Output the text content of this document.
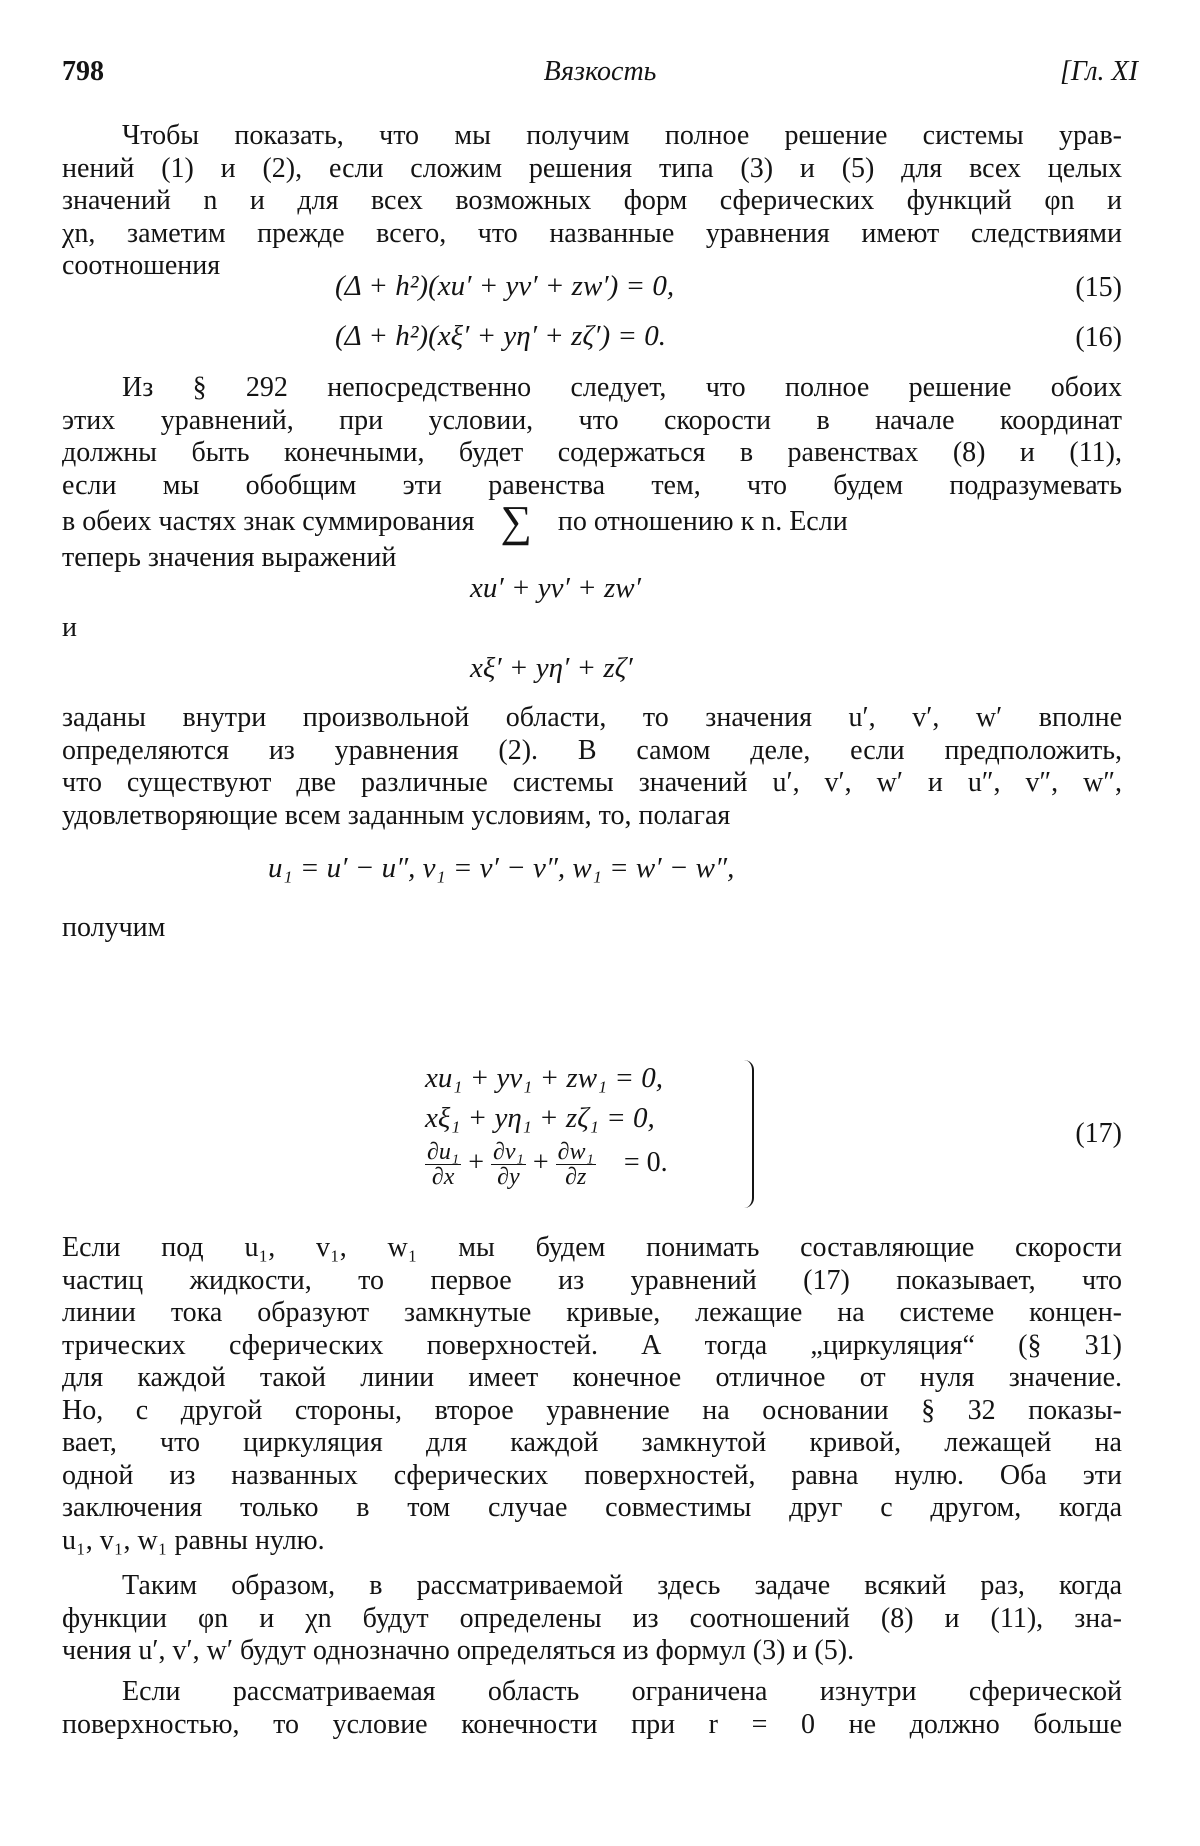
798	Вязкость	[Гл. XI
Чтобы показать, что мы получим полное решение системы урав-
нений (1) и (2), если сложим решения типа (3) и (5) для всех целых
значений n и для всех возможных форм сферических функций φn и
χn, заметим прежде всего, что названные уравнения имеют следствиями
соотношения
(Δ + h²)(xu′ + yv′ + zw′) = 0,	(15)
(Δ + h²)(xξ′ + yη′ + zζ′) = 0.	(16)
Из § 292 непосредственно следует, что полное решение обоих
этих уравнений, при условии, что скорости в начале координат
должны быть конечными, будет содержаться в равенствах (8) и (11),
если мы обобщим эти равенства тем, что будем подразумевать
в обеих частях знак суммирования ∑ по отношению к n. Если
теперь значения выражений
xu′ + yv′ + zw′
и
xξ′ + yη′ + zζ′
заданы внутри произвольной области, то значения u′, v′, w′ вполне
определяются из уравнения (2). В самом деле, если предположить,
что существуют две различные системы значений u′, v′, w′ и u″, v″, w″,
удовлетворяющие всем заданным условиям, то, полагая
u₁ = u′ − u″, v₁ = v′ − v″, w₁ = w′ − w″,
получим
xu₁ + yv₁ + zw₁ = 0,
xξ₁ + yη₁ + zζ₁ = 0,
$\frac{\text{∂u₁}}{\partial x} + \frac{\text{∂v₁}}{\partial y} + \frac{\text{∂w₁}}{\partial z} = 0$.
(17)
Если под u₁, v₁, w₁ мы будем понимать составляющие скорости
частиц жидкости, то первое из уравнений (17) показывает, что
линии тока образуют замкнутые кривые, лежащие на системе концен-
трических сферических поверхностей. А тогда „циркуляция“ (§ 31)
для каждой такой линии имеет конечное отличное от нуля значение.
Но, с другой стороны, второе уравнение на основании § 32 показы-
вает, что циркуляция для каждой замкнутой кривой, лежащей на
одной из названных сферических поверхностей, равна нулю. Оба эти
заключения только в том случае совместимы друг с другом, когда
u₁, v₁, w₁ равны нулю.
Таким образом, в рассматриваемой здесь задаче всякий раз, когда
функции φn и χn будут определены из соотношений (8) и (11), зна-
чения u′, v′, w′ будут однозначно определяться из формул (3) и (5).
Если рассматриваемая область ограничена изнутри сферической
поверхностью, то условие конечности при r = 0 не должно больше
